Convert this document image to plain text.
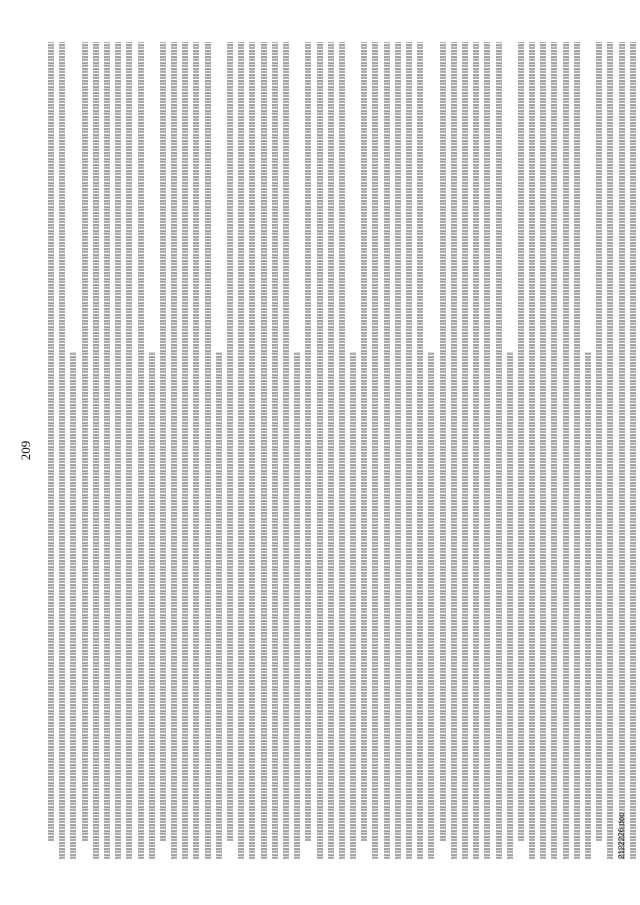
209
2122226.doc
